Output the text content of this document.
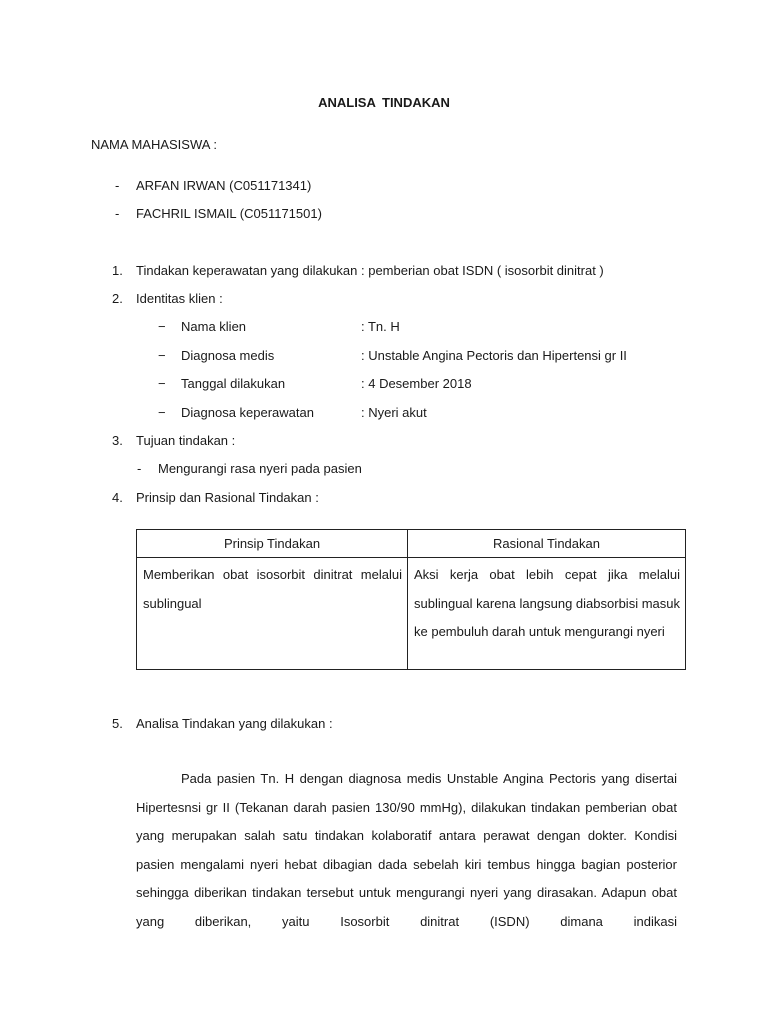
ANALISA TINDAKAN
NAMA MAHASISWA :
-	ARFAN IRWAN (C051171341)
-	FACHRIL ISMAIL (C051171501)
1. Tindakan keperawatan yang dilakukan : pemberian obat ISDN ( isosorbit dinitrat )
2. Identitas klien :
− Nama klien	: Tn. H
− Diagnosa medis	: Unstable Angina Pectoris dan Hipertensi gr II
− Tanggal dilakukan	: 4 Desember 2018
− Diagnosa keperawatan	: Nyeri akut
3. Tujuan tindakan :
-	Mengurangi rasa nyeri pada pasien
4. Prinsip dan Rasional Tindakan :
Prinsip Tindakan	Rasional Tindakan
Memberikan obat isosorbit dinitrat melalui sublingual	Aksi kerja obat lebih cepat jika melalui sublingual karena langsung diabsorbisi masuk ke pembuluh darah untuk mengurangi nyeri
5. Analisa Tindakan yang dilakukan :

Pada pasien Tn. H dengan diagnosa medis Unstable Angina Pectoris yang disertai Hipertesnsi gr II (Tekanan darah pasien 130/90 mmHg), dilakukan tindakan pemberian obat yang merupakan salah satu tindakan kolaboratif antara perawat dengan dokter. Kondisi pasien mengalami nyeri hebat dibagian dada sebelah kiri tembus hingga bagian posterior sehingga diberikan tindakan tersebut untuk mengurangi nyeri yang dirasakan. Adapun obat yang diberikan, yaitu Isosorbit dinitrat (ISDN) dimana indikasi
